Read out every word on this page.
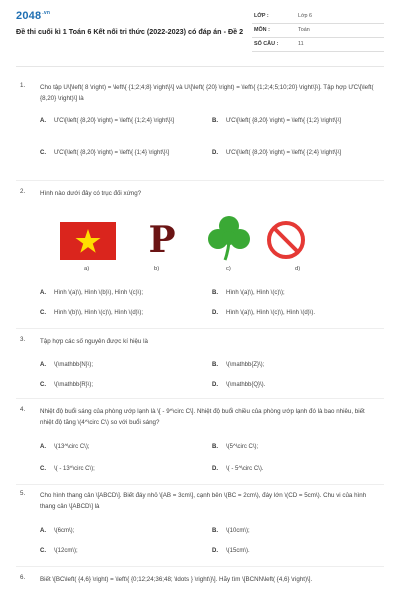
$2048^{.vn}$
Đề thi cuối kì 1 Toán 6 Kết nối tri thức (2022-2023) có đáp án - Đề 2
LỚP :	Lớp 6
MÔN :	Toán
SỐ CÂU :	11
1. Cho tập U\[\left( 8 \right) = \left\{ {1;2;4;8} \right\}\] và U\[\left( {20} \right) = \left\{ {1;2;4;5;10;20} \right\}\]. Tập hợp ƯC\[\left( {8,20} \right)\] là
A. ƯC\[\left( {8,20} \right) = \left\{ {1;2;4} \right\}\]	B. ƯC\[\left( {8,20} \right) = \left\{ {1;2} \right\}\]
C. ƯC\[\left( {8,20} \right) = \left\{ {1;4} \right\}\]	D. ƯC\[\left( {8,20} \right) = \left\{ {2;4} \right\}\]
2. Hình nào dưới đây có trục đối xứng?
a)
P
b)	c)	d)
A. Hình \(a)\), Hình \(b)\), Hình \(c)\);	B. Hình \(a)\), Hình \(c)\);
C. Hình \(b)\), Hình \(c)\), Hình \(d)\);	D. Hình \(a)\), Hình \(c)\), Hình \(d)\).
3. Tập hợp các số nguyên được kí hiệu là
A. \(\mathbb{N}\);	B. \(\mathbb{Z}\);
C. \(\mathbb{R}\);	D. \(\mathbb{Q}\).
4. Nhiệt độ buổi sáng của phòng ướp lạnh là \[ - 9^\circ C\]. Nhiệt độ buổi chiều của phòng ướp lạnh đó là bao nhiêu, biết nhiệt độ tăng \(4^\circ C\) so với buổi sáng?
A. \(13^\circ C\);	B. \(5^\circ C\);
C. \( - 13^\circ C\);	D. \( - 5^\circ C\).
5. Cho hình thang cân \[ABCD\]. Biết đáy nhỏ \[AB = 3cm\], cạnh bên \(BC = 2cm\), đáy lớn \(CD = 5cm\). Chu vi của hình thang cân \[ABCD\] là
A. \(6cm\);	B. \(10cm\);
C. \(12cm\);	D. \(15cm\).
6. Biết \[BC\left( {4,6} \right) = \left\{ {0;12;24;36;48; \ldots } \right\}\]. Hãy tìm \[BCNN\left( {4,6} \right)\].
